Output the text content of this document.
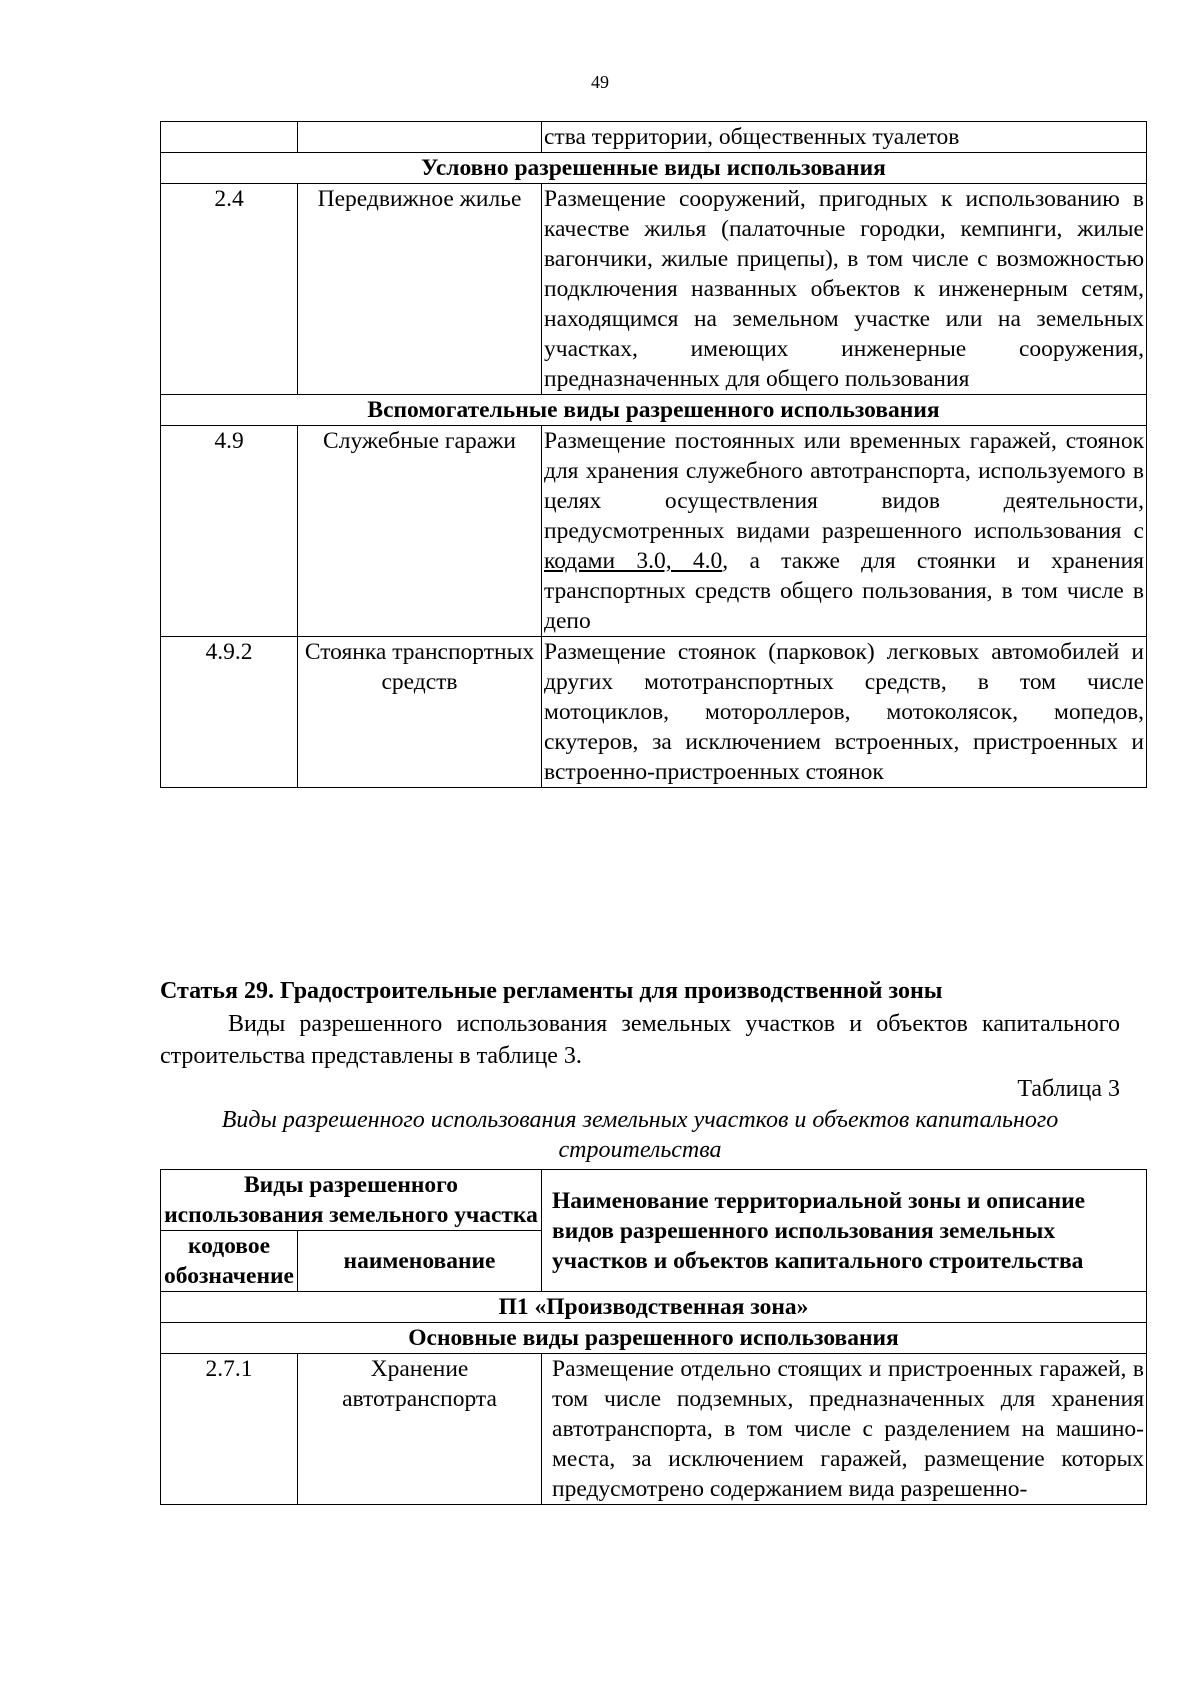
49
		ства территории, общественных туалетов
Условно разрешенные виды использования		
2.4	Передвижное жилье	Размещение сооружений, пригодных к использованию в качестве жилья (палаточные городки, кемпинги, жилые вагончики, жилые прицепы), в том числе с возможностью подключения названных объектов к инженерным сетям, находящимся на земельном участке или на земельных участках, имеющих инженерные сооружения, предназначенных для общего пользования
Вспомогательные виды разрешенного использования		
4.9	Служебные гаражи	Размещение постоянных или временных гаражей, стоянок для хранения служебного автотранспорта, используемого в целях осуществления видов деятельности, предусмотренных видами разрешенного использования с кодами 3.0, 4.0, а также для стоянки и хранения транспортных средств общего пользования, в том числе в депо
4.9.2	Стоянка транспортных средств	Размещение стоянок (парковок) легковых автомобилей и других мототранспортных средств, в том числе мотоциклов, мотороллеров, мотоколясок, мопедов, скутеров, за исключением встроенных, пристроенных и встроенно-пристроенных стоянок
Статья 29. Градостроительные регламенты для производственной зоны
Виды разрешенного использования земельных участков и объектов капитального строительства представлены в таблице 3.
Таблица 3
Виды разрешенного использования земельных участков и объектов капитального строительства
Виды разрешенного использования земельного участка		Наименование территориальной зоны и описание видов разрешенного использования земельных участков и объектов капитального строительства
кодовое обозначение	наименование	
П1 «Производственная зона»		
Основные виды разрешенного использования		
2.7.1	Хранение автотранспорта	Размещение отдельно стоящих и пристроенных гаражей, в том числе подземных, предназначенных для хранения автотранспорта, в том числе с разделением на машино-места, за исключением гаражей, размещение которых предусмотрено содержанием вида разрешенно-
